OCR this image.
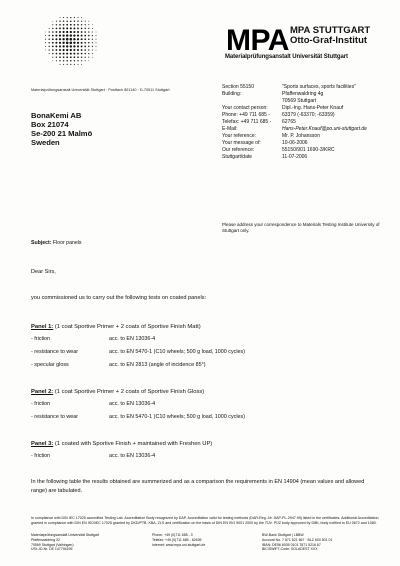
MPA MPA STUTTGART
Otto-Graf-Institut
Materialprüfungsanstalt Universität Stuttgart
Materialprüfungsanstalt Universität Stuttgart · Postfach 801140 · D-70511 Stuttgart
BonaKemi AB
Box 21074
Se-200 21 Malmö
Sweden
Section 55150	"Sports surfaces, sports facilities"
Building:	Pfaffenwaldring 4g
70569 Stuttgart
Your contact person:	Dipl.-Ing. Hans-Peter Knauf
Phone: +49 711 685 -	63379 (-63370; -63359)
Telefax: +49 711 685 -	62765
E-Mail:	Hans-Peter.Knauf@po.uni-stuttgart.de
Your reference:	Mr. P. Johansson
Your message of:	10-06-2006
Our reference:	55150/901 1690-3/KRC
Stuttgart/date	11-07-2006
Please address your correspondence to Materials Testing Institute University of Stuttgart only.
Subject: Floor panels
Dear Sirs,
you commissioned us to carry out the following tests on coated panels:
Panel 1: (1 coat Sportive Primer + 2 coats of Sportive Finish Matt)
- friction	acc. to EN 13036-4
- resistance to wear	acc. to EN 5470-1 (C10 wheels; 500 g load, 1000 cycles)
- specular gloss	acc. to EN 2813 (angle of incidence 85°)
Panel 2: (1 coat Sportive Primer + 2 coats of Sportive Finish Gloss)
- friction	acc. to EN 13036-4
- resistance to wear	acc. to EN 5470-1 (C10 wheels; 500 g load, 1000 cycles)
Panel 3: (1 coated with Sportive Finish + maintained with Freshen UP)
- friction	acc. to EN 13036-4
In the following table the results obtained are summerized and as a comparison the requirements in EN 14904 (mean values and allowed range) are tabulated.
In compliance with DIN IEC 17025 accredited Testing Lab. Accreditation Body recognized by DAP. Accreditation valid for testing methods (DAR-Reg.-Nr. DAP-PL-2947.99) listed in the certificates. Additional Accreditation granted in compliance with DIN EN ISO/IEC 17025 granted by DKD/PTB, KBA, ZLS and certification on the basis of DIN EN ISO 9001 2000 by the TÜV. PÜZ body approved by DIBt, body notified to EU 0672 and 1080.
Materialprüfungsanstalt Universität Stuttgart
Pfaffenwaldring 32
70569 Stuttgart (Vaihingen)
USt.-ID-Nr. DE 147794196
Phone: +49 (0)711 685 - 0
Telefax: +49 (0)711 685 - 62635
Internet: www.mpa.uni-stuttgart.de
BW-Bank Stuttgart | LBBW
Account No. 7 871 521 667 · BLZ 600 501 01
IBAN: DE56 6005 0101 7871 5216 67
BIC/SWIFT-Code: SOLADEST XXX
